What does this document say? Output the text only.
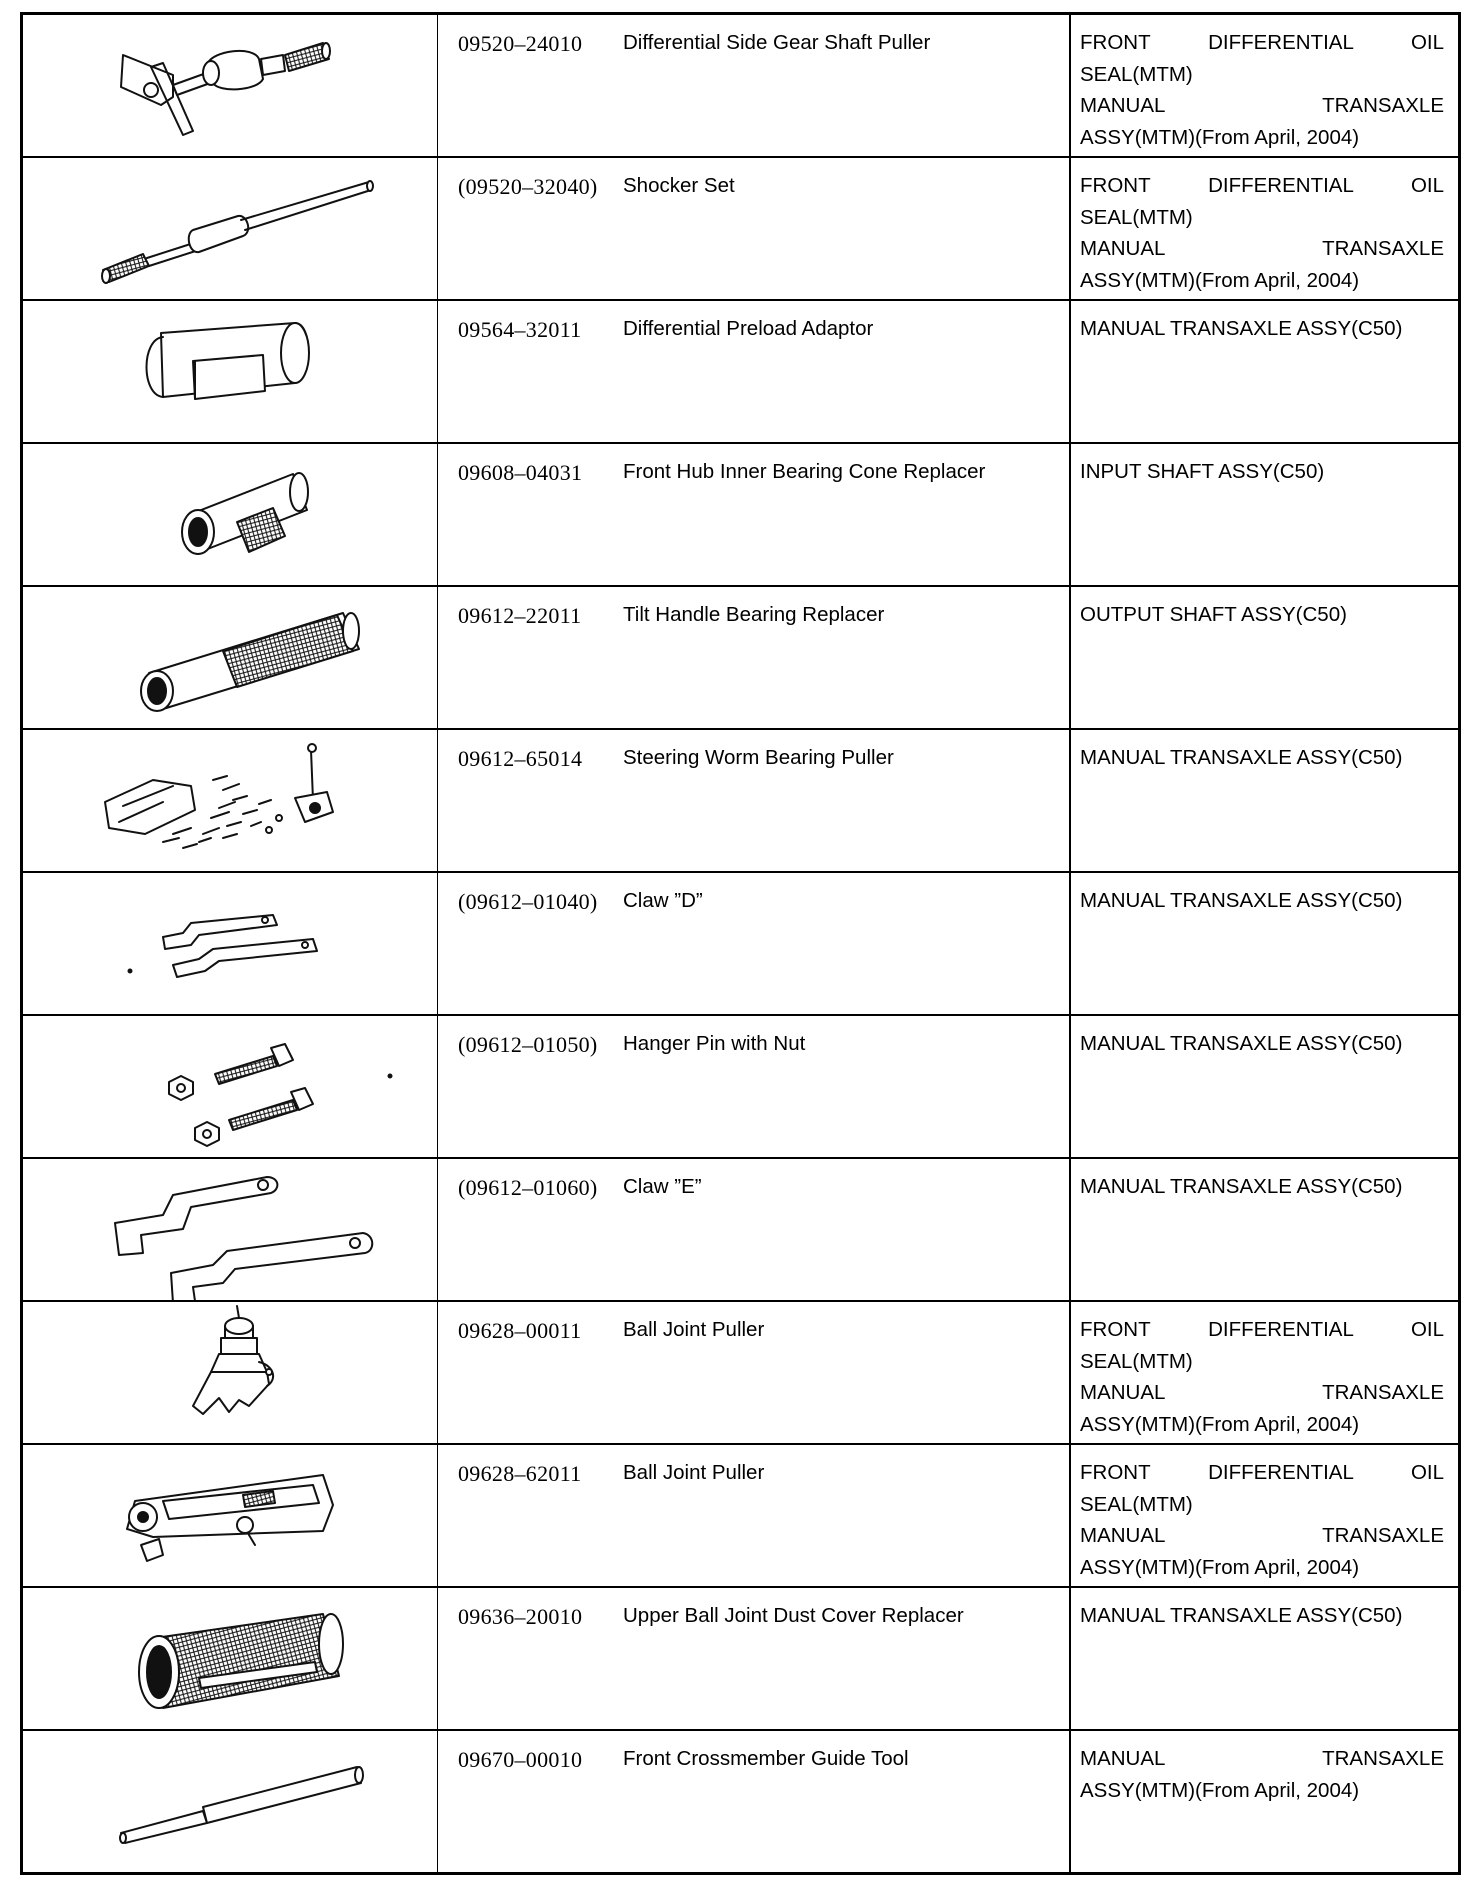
09520–24010	Differential Side Gear Shaft Puller	FRONT DIFFERENTIAL OIL
SEAL(MTM)
MANUAL TRANSAXLE
ASSY(MTM)(From April, 2004)

(09520–32040)	Shocker Set	FRONT DIFFERENTIAL OIL
SEAL(MTM)
MANUAL TRANSAXLE
ASSY(MTM)(From April, 2004)

09564–32011	Differential Preload Adaptor	MANUAL TRANSAXLE ASSY(C50)

09608–04031	Front Hub Inner Bearing Cone Replacer	INPUT SHAFT ASSY(C50)

09612–22011	Tilt Handle Bearing Replacer	OUTPUT SHAFT ASSY(C50)

09612–65014	Steering Worm Bearing Puller	MANUAL TRANSAXLE ASSY(C50)

(09612–01040)	Claw ”D”	MANUAL TRANSAXLE ASSY(C50)

(09612–01050)	Hanger Pin with Nut	MANUAL TRANSAXLE ASSY(C50)

(09612–01060)	Claw ”E”	MANUAL TRANSAXLE ASSY(C50)

09628–00011	Ball Joint Puller	FRONT DIFFERENTIAL OIL
SEAL(MTM)
MANUAL TRANSAXLE
ASSY(MTM)(From April, 2004)

09628–62011	Ball Joint Puller	FRONT DIFFERENTIAL OIL
SEAL(MTM)
MANUAL TRANSAXLE
ASSY(MTM)(From April, 2004)

09636–20010	Upper Ball Joint Dust Cover Replacer	MANUAL TRANSAXLE ASSY(C50)

09670–00010	Front Crossmember Guide Tool	MANUAL TRANSAXLE
ASSY(MTM)(From April, 2004)
